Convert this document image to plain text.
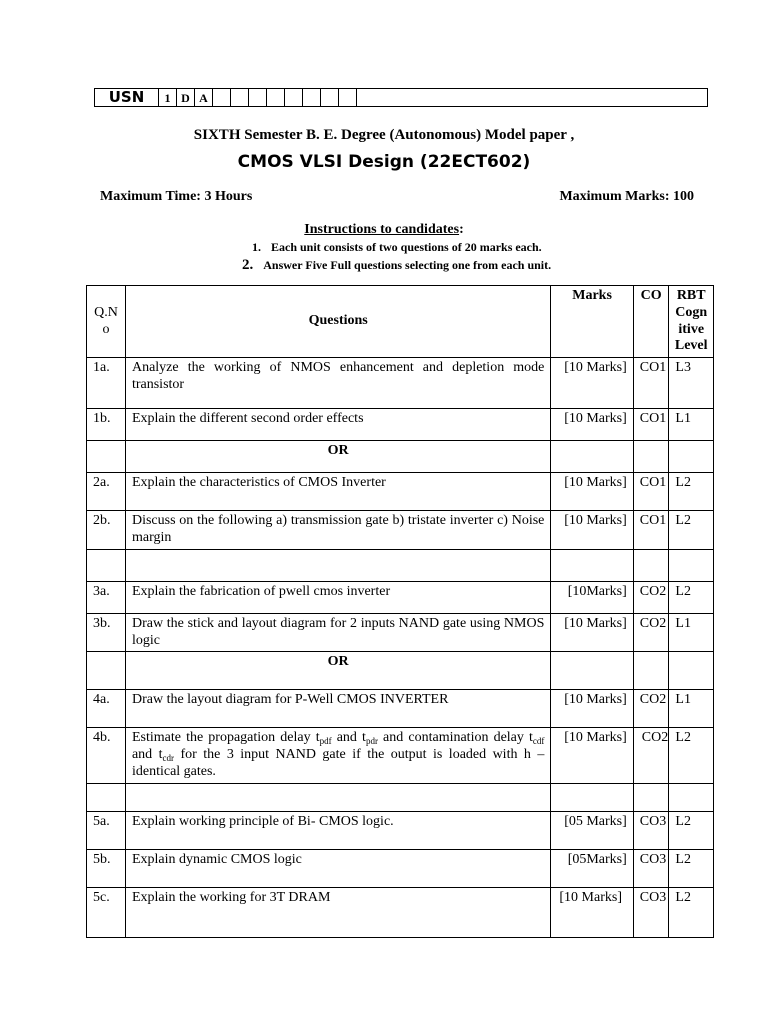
USN	1 D A
SIXTH Semester B. E. Degree (Autonomous) Model paper ,
CMOS VLSI Design (22ECT602)
Maximum Time: 3 Hours	Maximum Marks: 100
Instructions to candidates:
1. Each unit consists of two questions of 20 marks each.
2. Answer Five Full questions selecting one from each unit.
Q.N o	Questions	Marks	CO	RBT Cogn itive Level
1a.	Analyze the working of NMOS enhancement and depletion mode transistor	[10 Marks]	CO1	L3
1b.	Explain the different second order effects	[10 Marks]	CO1	L1
	OR			
2a.	Explain the characteristics of CMOS Inverter	[10 Marks]	CO1	L2
2b.	Discuss on the following a) transmission gate b) tristate inverter c) Noise margin	[10 Marks]	CO1	L2

3a.	Explain the fabrication of pwell cmos inverter	[10Marks]	CO2	L2
3b.	Draw the stick and layout diagram for 2 inputs NAND gate using NMOS logic	[10 Marks]	CO2	L1
	OR			
4a.	Draw the layout diagram for P-Well CMOS INVERTER	[10 Marks]	CO2	L1
4b.	Estimate the propagation delay $t_{pdf}$ and $t_{pdr}$ and contamination delay $t_{cdf}$ and $t_{cdr}$ for the 3 input NAND gate if the output is loaded with h –identical gates.	[10 Marks]	CO2	L2

5a.	Explain working principle of Bi- CMOS logic.	[05 Marks]	CO3	L2
5b.	Explain dynamic CMOS logic	[05Marks]	CO3	L2
5c.	Explain the working for 3T DRAM	[10 Marks]	CO3	L2
